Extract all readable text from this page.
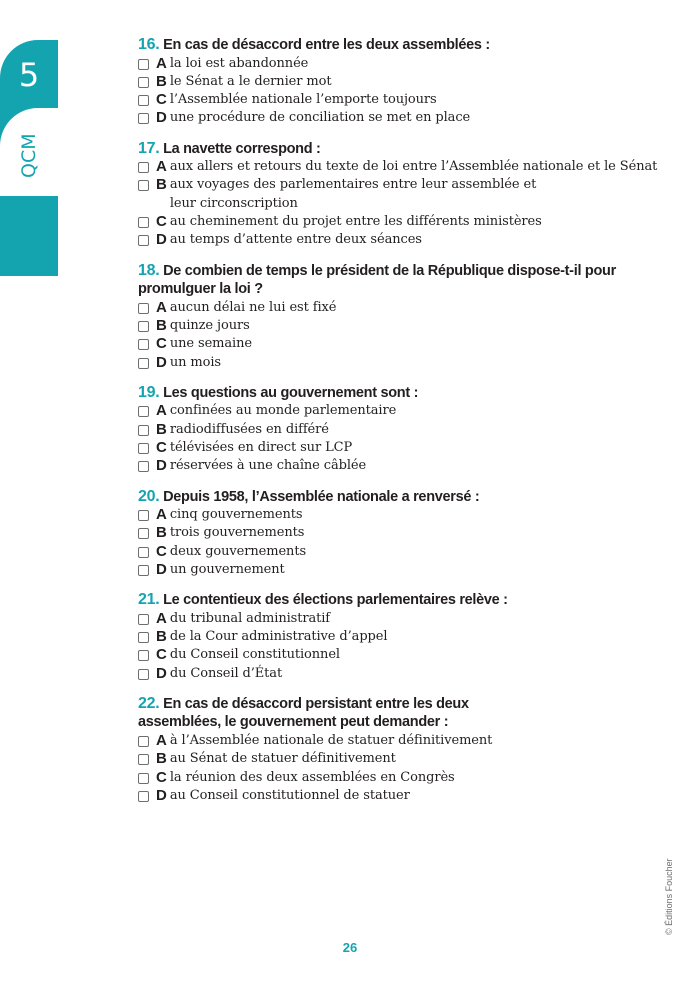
5
QCM
16. En cas de désaccord entre les deux assemblées :
A la loi est abandonnée
B le Sénat a le dernier mot
C l’Assemblée nationale l’emporte toujours
D une procédure de conciliation se met en place
17. La navette correspond :
A aux allers et retours du texte de loi entre l’Assemblée nationale et le Sénat
B aux voyages des parlementaires entre leur assemblée et leur circonscription
C au cheminement du projet entre les différents ministères
D au temps d’attente entre deux séances
18. De combien de temps le président de la République dispose-t-il pour promulguer la loi ?
A aucun délai ne lui est fixé
B quinze jours
C une semaine
D un mois
19. Les questions au gouvernement sont :
A confinées au monde parlementaire
B radiodiffusées en différé
C télévisées en direct sur LCP
D réservées à une chaîne câblée
20. Depuis 1958, l’Assemblée nationale a renversé :
A cinq gouvernements
B trois gouvernements
C deux gouvernements
D un gouvernement
21. Le contentieux des élections parlementaires relève :
A du tribunal administratif
B de la Cour administrative d’appel
C du Conseil constitutionnel
D du Conseil d’État
22. En cas de désaccord persistant entre les deux assemblées, le gouvernement peut demander :
A à l’Assemblée nationale de statuer définitivement
B au Sénat de statuer définitivement
C la réunion des deux assemblées en Congrès
D au Conseil constitutionnel de statuer
26
© Éditions Foucher
